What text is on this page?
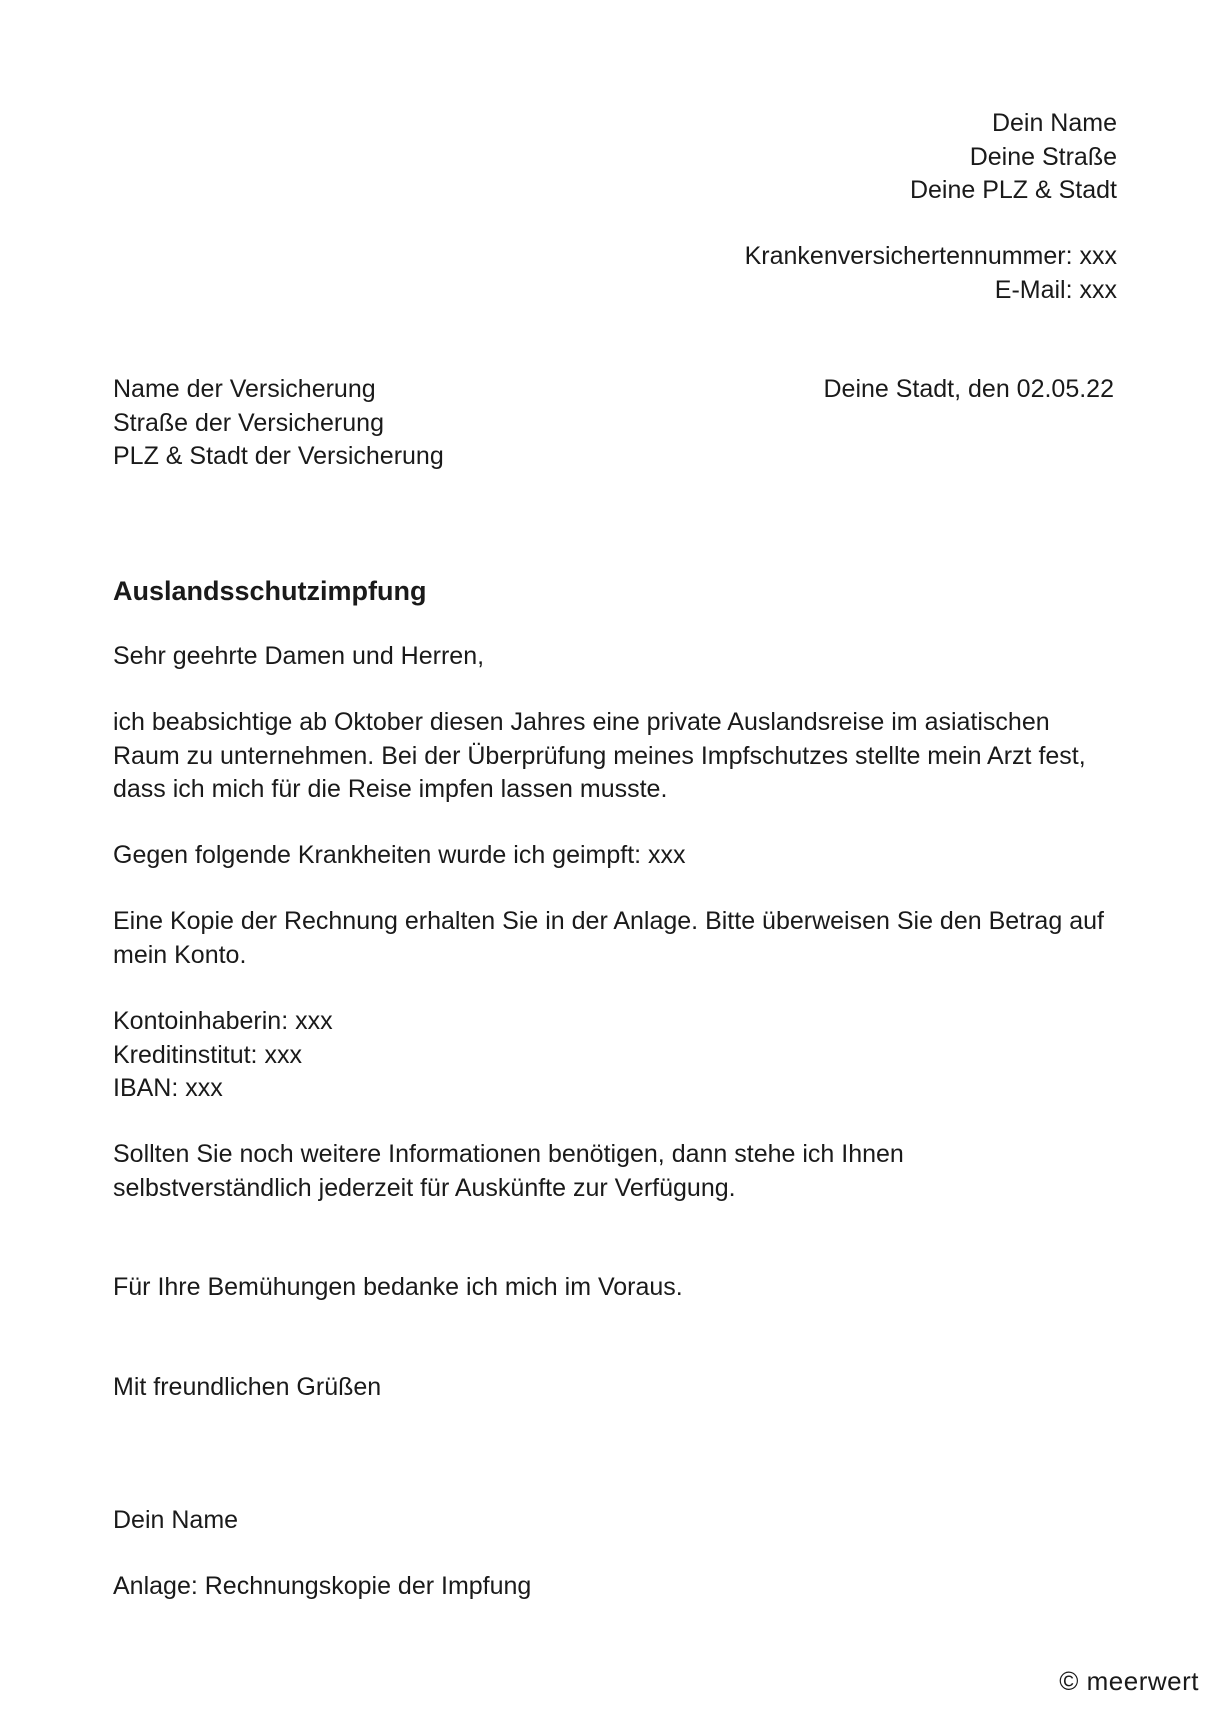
Dein Name
Deine Straße
Deine PLZ & Stadt
Krankenversichertennummer: xxx
E-Mail: xxx
Name der Versicherung
Straße der Versicherung
PLZ & Stadt der Versicherung
Deine Stadt, den 02.05.22
Auslandsschutzimpfung
Sehr geehrte Damen und Herren,
ich beabsichtige ab Oktober diesen Jahres eine private Auslandsreise im asiatischen
Raum zu unternehmen. Bei der Überprüfung meines Impfschutzes stellte mein Arzt fest,
dass ich mich für die Reise impfen lassen musste.
Gegen folgende Krankheiten wurde ich geimpft: xxx
Eine Kopie der Rechnung erhalten Sie in der Anlage. Bitte überweisen Sie den Betrag auf
mein Konto.
Kontoinhaberin: xxx
Kreditinstitut: xxx
IBAN: xxx
Sollten Sie noch weitere Informationen benötigen, dann stehe ich Ihnen
selbstverständlich jederzeit für Auskünfte zur Verfügung.
Für Ihre Bemühungen bedanke ich mich im Voraus.
Mit freundlichen Grüßen
Dein Name
Anlage: Rechnungskopie der Impfung
© meerwert
